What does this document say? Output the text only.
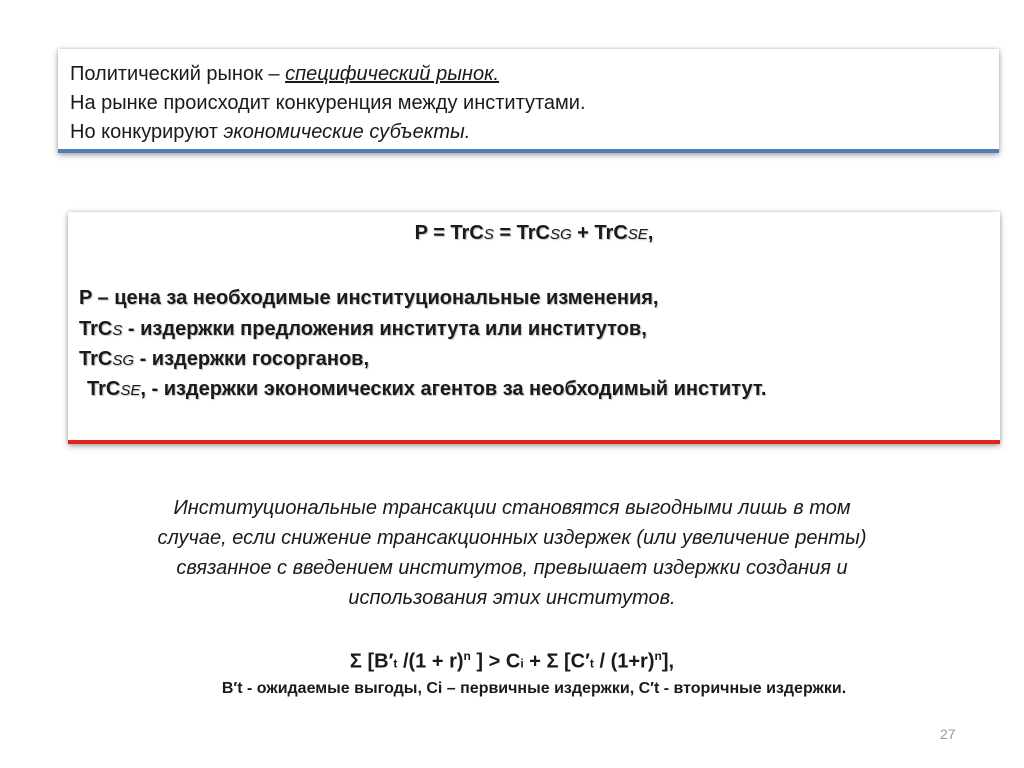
Политический рынок – специфический рынок.
На рынке происходит конкуренция между институтами.
Но конкурируют экономические субъекты.
P = TrCS = TrCSG + TrCSE,
P – цена за необходимые институциональные изменения,
TrCS - издержки предложения института или институтов,
TrCSG - издержки госорганов,
TrCSE, - издержки экономических агентов за необходимый институт.
Институциональные трансакции становятся выгодными лишь в том
случае, если снижение трансакционных издержек (или увеличение ренты)
связанное с введением институтов, превышает издержки создания и
использования этих институтов.
Σ [B′t $/(1 + r)^n$ ] > Ci + Σ $[C't / (1+r)^n]$,
B′t - ожидаемые выгоды, Ci – первичные издержки, C′t - вторичные издержки.
27
